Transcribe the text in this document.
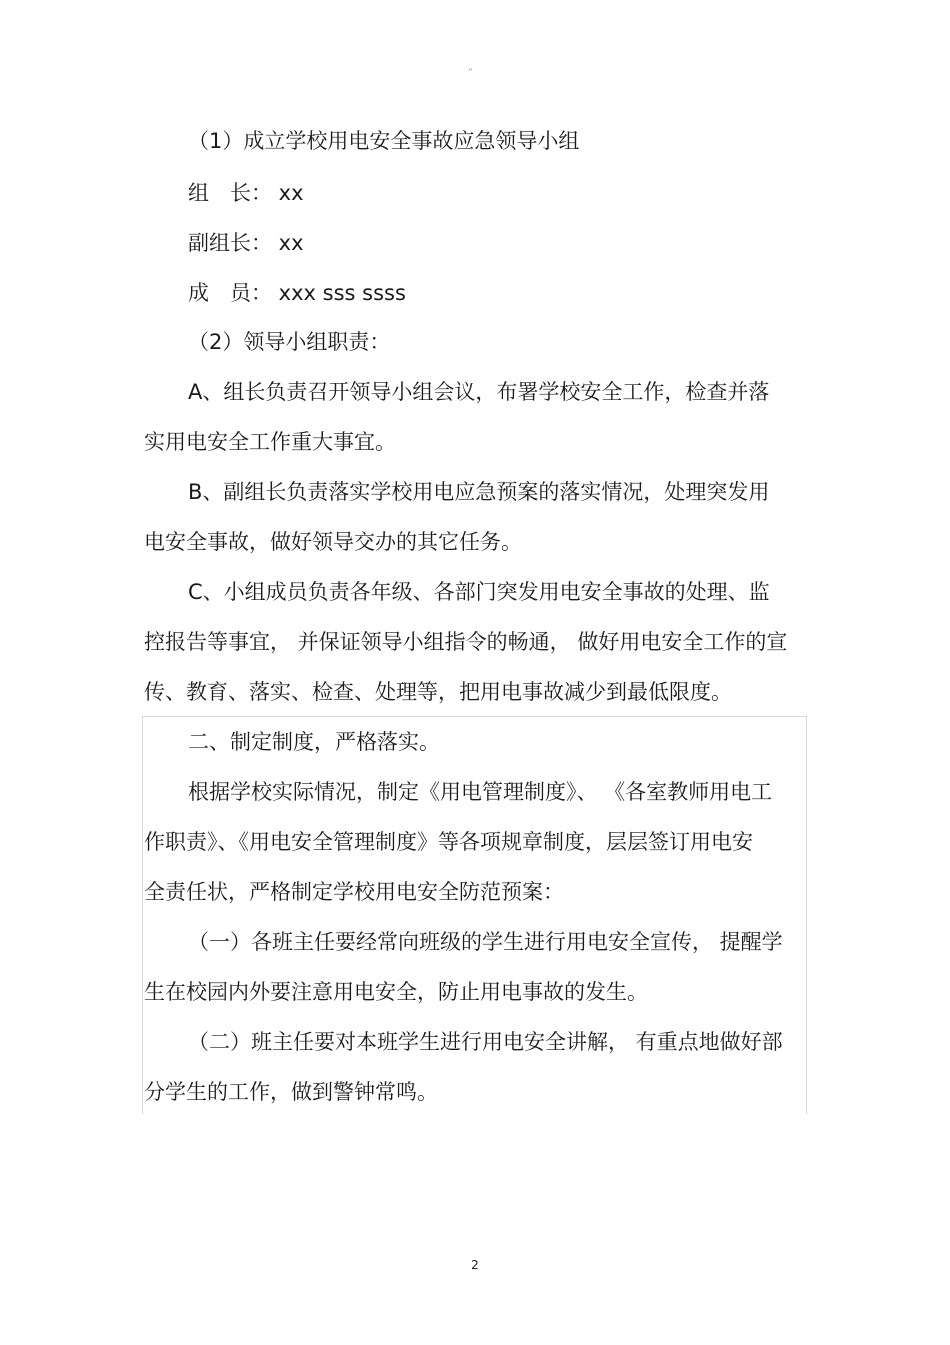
”
（1）成立学校用电安全事故应急领导小组
组　长： xx
副组长： xx
成　员： xxx sss ssss
（2）领导小组职责：
A、组长负责召开领导小组会议，布署学校安全工作，检查并落
实用电安全工作重大事宜。
B、副组长负责落实学校用电应急预案的落实情况，处理突发用
电安全事故，做好领导交办的其它任务。
C、小组成员负责各年级、各部门突发用电安全事故的处理、监
控报告等事宜， 并保证领导小组指令的畅通， 做好用电安全工作的宣
传、教育、落实、检查、处理等，把用电事故减少到最低限度。
二、制定制度，严格落实。
根据学校实际情况，制定《用电管理制度》、 《各室教师用电工
作职责》、《用电安全管理制度》等各项规章制度，层层签订用电安
全责任状，严格制定学校用电安全防范预案：
（一）各班主任要经常向班级的学生进行用电安全宣传， 提醒学
生在校园内外要注意用电安全，防止用电事故的发生。
（二）班主任要对本班学生进行用电安全讲解， 有重点地做好部
分学生的工作，做到警钟常鸣。
2
